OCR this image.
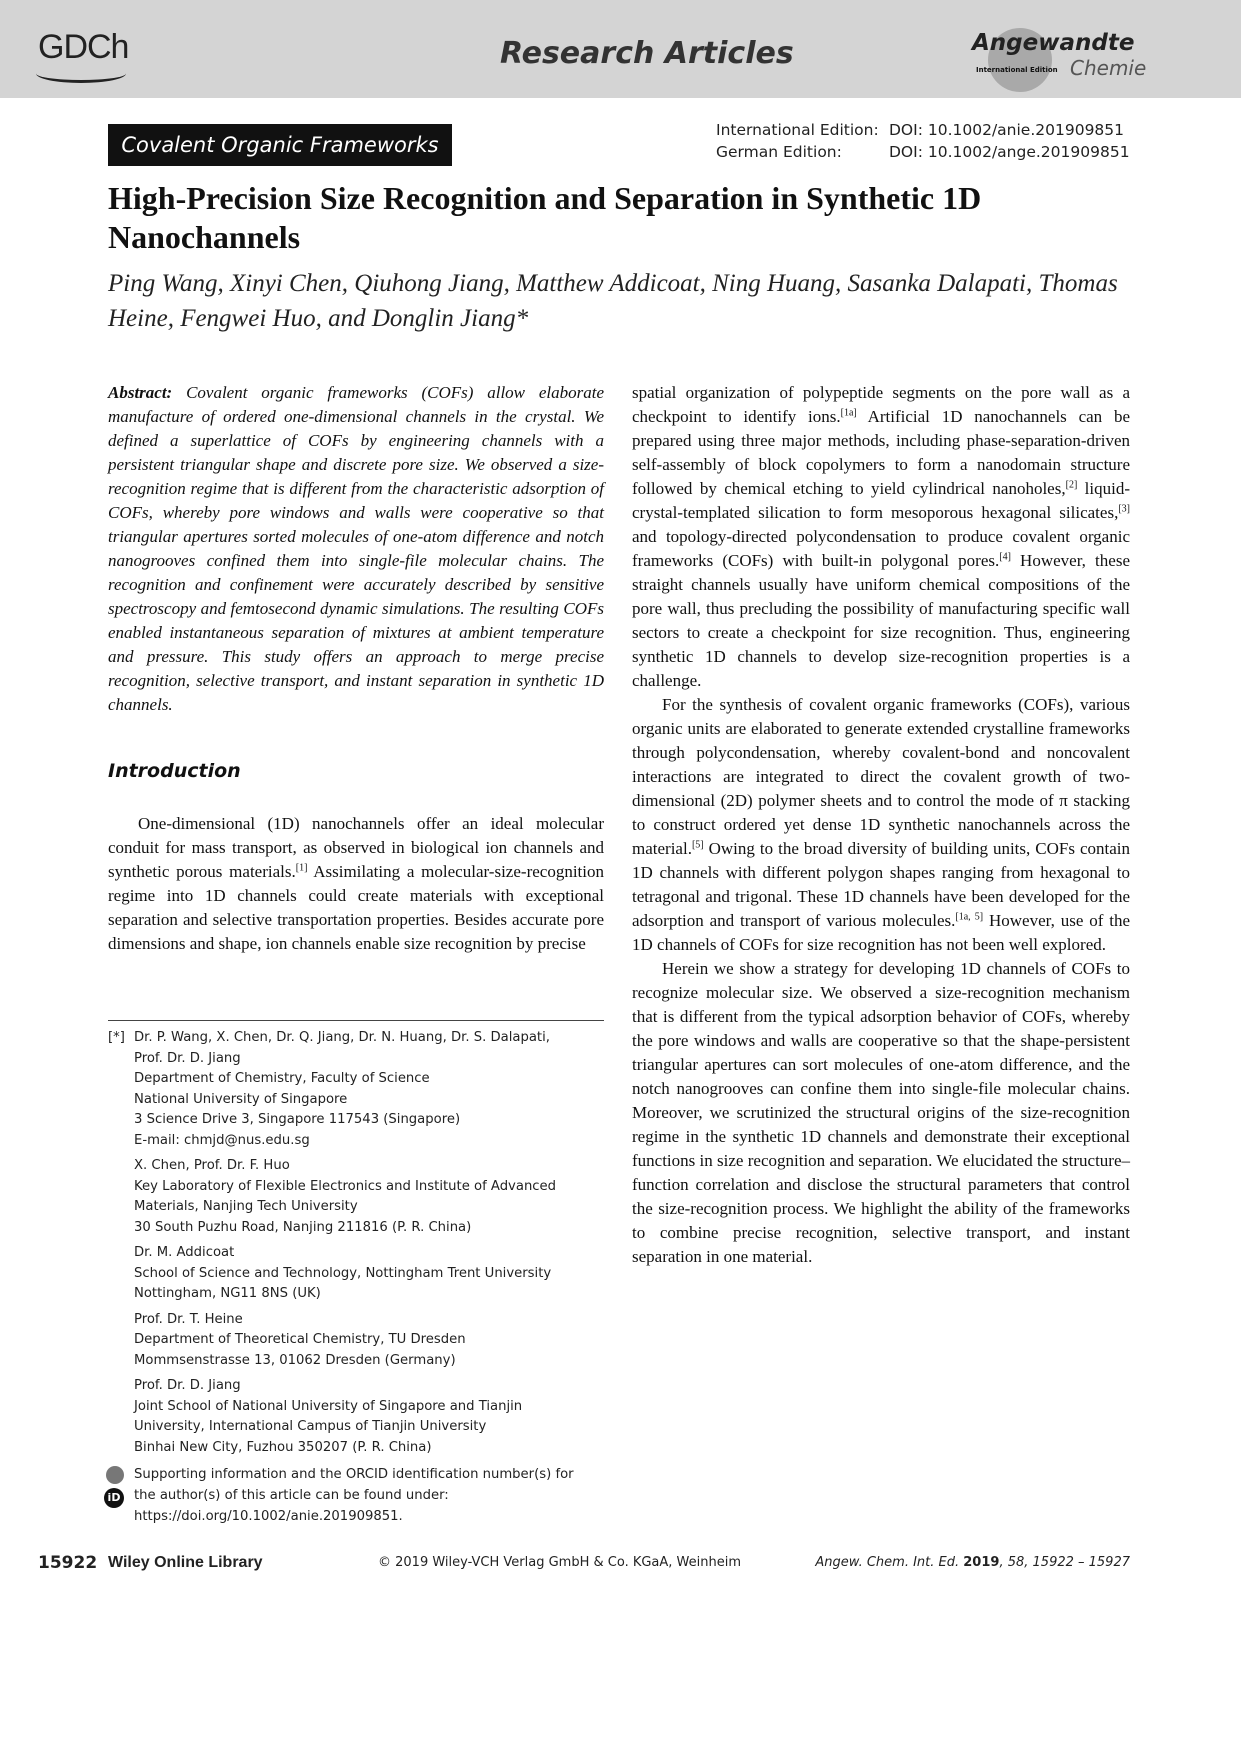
GDCh	Research Articles	Angewandte
International Edition Chemie
Covalent Organic Frameworks
International Edition: DOI: 10.1002/anie.201909851
German Edition:	DOI: 10.1002/ange.201909851
High-Precision Size Recognition and Separation in Synthetic 1D Nanochannels
Ping Wang, Xinyi Chen, Qiuhong Jiang, Matthew Addicoat, Ning Huang, Sasanka Dalapati, Thomas Heine, Fengwei Huo, and Donglin Jiang*
Abstract: Covalent organic frameworks (COFs) allow elaborate manufacture of ordered one-dimensional channels in the crystal. We defined a superlattice of COFs by engineering channels with a persistent triangular shape and discrete pore size. We observed a size-recognition regime that is different from the characteristic adsorption of COFs, whereby pore windows and walls were cooperative so that triangular apertures sorted molecules of one-atom difference and notch nanogrooves confined them into single-file molecular chains. The recognition and confinement were accurately described by sensitive spectroscopy and femtosecond dynamic simulations. The resulting COFs enabled instantaneous separation of mixtures at ambient temperature and pressure. This study offers an approach to merge precise recognition, selective transport, and instant separation in synthetic 1D channels.
Introduction
One-dimensional (1D) nanochannels offer an ideal molecular conduit for mass transport, as observed in biological ion channels and synthetic porous materials.[1] Assimilating a molecular-size-recognition regime into 1D channels could create materials with exceptional separation and selective transportation properties. Besides accurate pore dimensions and shape, ion channels enable size recognition by precise

spatial organization of polypeptide segments on the pore wall as a checkpoint to identify ions.[1a] Artificial 1D nanochannels can be prepared using three major methods, including phase-separation-driven self-assembly of block copolymers to form a nanodomain structure followed by chemical etching to yield cylindrical nanoholes,[2] liquid-crystal-templated silication to form mesoporous hexagonal silicates,[3] and topology-directed polycondensation to produce covalent organic frameworks (COFs) with built-in polygonal pores.[4] However, these straight channels usually have uniform chemical compositions of the pore wall, thus precluding the possibility of manufacturing specific wall sectors to create a checkpoint for size recognition. Thus, engineering synthetic 1D channels to develop size-recognition properties is a challenge.

For the synthesis of covalent organic frameworks (COFs), various organic units are elaborated to generate extended crystalline frameworks through polycondensation, whereby covalent-bond and noncovalent interactions are integrated to direct the covalent growth of two-dimensional (2D) polymer sheets and to control the mode of π stacking to construct ordered yet dense 1D synthetic nanochannels across the material.[5] Owing to the broad diversity of building units, COFs contain 1D channels with different polygon shapes ranging from hexagonal to tetragonal and trigonal. These 1D channels have been developed for the adsorption and transport of various molecules.[1a, 5] However, use of the 1D channels of COFs for size recognition has not been well explored.

Herein we show a strategy for developing 1D channels of COFs to recognize molecular size. We observed a size-recognition mechanism that is different from the typical adsorption behavior of COFs, whereby the pore windows and walls are cooperative so that the shape-persistent triangular apertures can sort molecules of one-atom difference, and the notch nanogrooves can confine them into single-file molecular chains. Moreover, we scrutinized the structural origins of the size-recognition regime in the synthetic 1D channels and demonstrate their exceptional functions in size recognition and separation. We elucidated the structure–function correlation and disclose the structural parameters that control the size-recognition process. We highlight the ability of the frameworks to combine precise recognition, selective transport, and instant separation in one material.

[*] Dr. P. Wang, X. Chen, Dr. Q. Jiang, Dr. N. Huang, Dr. S. Dalapati,
Prof. Dr. D. Jiang
Department of Chemistry, Faculty of Science
National University of Singapore
3 Science Drive 3, Singapore 117543 (Singapore)
E-mail: chmjd@nus.edu.sg
X. Chen, Prof. Dr. F. Huo
Key Laboratory of Flexible Electronics and Institute of Advanced
Materials, Nanjing Tech University
30 South Puzhu Road, Nanjing 211816 (P. R. China)
Dr. M. Addicoat
School of Science and Technology, Nottingham Trent University
Nottingham, NG11 8NS (UK)
Prof. Dr. T. Heine
Department of Theoretical Chemistry, TU Dresden
Mommsenstrasse 13, 01062 Dresden (Germany)
Prof. Dr. D. Jiang
Joint School of National University of Singapore and Tianjin
University, International Campus of Tianjin University
Binhai New City, Fuzhou 350207 (P. R. China)
iD
Supporting information and the ORCID identification number(s) for
the author(s) of this article can be found under:
https://doi.org/10.1002/anie.201909851.
15922 Wiley Online Library	© 2019 Wiley-VCH Verlag GmbH & Co. KGaA, Weinheim	Angew. Chem. Int. Ed. 2019, 58, 15922 – 15927
